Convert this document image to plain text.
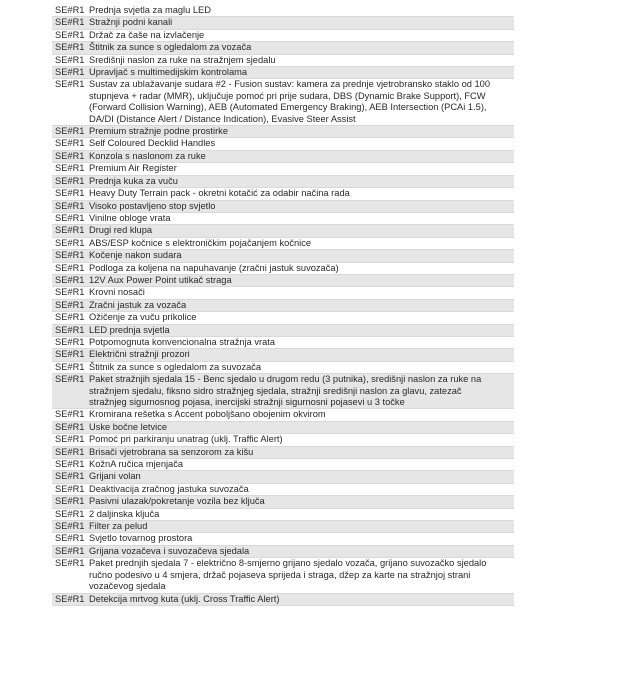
SE#R1 Prednja svjetla za maglu LED
SE#R1 Stražnji podni kanali
SE#R1 Držač za čaše na izvlačenje
SE#R1 Štitnik za sunce s ogledalom za vozača
SE#R1 Središnji naslon za ruke na stražnjem sjedalu
SE#R1 Upravljač s multimedijskim kontrolama
SE#R1 Sustav za ublažavanje sudara #2 - Fusion sustav: kamera za prednje vjetrobransko staklo od 100 stupnjeva + radar (MMR), uključuje pomoć pri prije sudara, DBS (Dynamic Brake Support), FCW (Forward Collision Warning), AEB (Automated Emergency Braking), AEB Intersection (PCAi 1.5), DA/DI (Distance Alert / Distance Indication), Evasive Steer Assist
SE#R1 Premium stražnje podne prostirke
SE#R1 Self Coloured Decklid Handles
SE#R1 Konzola s naslonom za ruke
SE#R1 Premium Air Register
SE#R1 Prednja kuka za vuču
SE#R1 Heavy Duty Terrain pack - okretni kotačić za odabir načina rada
SE#R1 Visoko postavljeno stop svjetlo
SE#R1 Vinilne obloge vrata
SE#R1 Drugi red klupa
SE#R1 ABS/ESP kočnice s elektroničkim pojačanjem kočnice
SE#R1 Kočenje nakon sudara
SE#R1 Podloga za koljena na napuhavanje (zračni jastuk suvozača)
SE#R1 12V Aux Power Point utikač straga
SE#R1 Krovni nosači
SE#R1 Zračni jastuk za vozača
SE#R1 Ožičenje za vuču prikolice
SE#R1 LED prednja svjetla
SE#R1 Potpomognuta konvencionalna stražnja vrata
SE#R1 Električni stražnji prozori
SE#R1 Štitnik za sunce s ogledalom za suvozača
SE#R1 Paket stražnjih sjedala 15 - Benc sjedalo u drugom redu (3 putnika), središnji naslon za ruke na stražnjem sjedalu, fiksno sidro stražnjeg sjedala, stražnji središnji naslon za glavu, zatezač stražnjeg sigurnosnog pojasa, inercijski stražnji sigurnosni pojasevi u 3 točke
SE#R1 Kromirana rešetka s Accent poboljšano obojenim okvirom
SE#R1 Uske bočne letvice
SE#R1 Pomoć pri parkiranju unatrag (uklj. Traffic Alert)
SE#R1 Brisači vjetrobrana sa senzorom za kišu
SE#R1 KožnA ručica mjenjača
SE#R1 Grijani volan
SE#R1 Deaktivacija zračnog jastuka suvozača
SE#R1 Pasivni ulazak/pokretanje vozila bez ključa
SE#R1 2 daljinska ključa
SE#R1 Filter za pelud
SE#R1 Svjetlo tovarnog prostora
SE#R1 Grijana vozačeva i suvozačeva sjedala
SE#R1 Paket prednjih sjedala 7 - električno 8-smjerno grijano sjedalo vozača, grijano suvozačko sjedalo ručno podesivo u 4 smjera, držač pojaseva sprijeda i straga, džep za karte na stražnjoj strani vozačevog sjedala
SE#R1 Detekcija mrtvog kuta (uklj. Cross Traffic Alert)
